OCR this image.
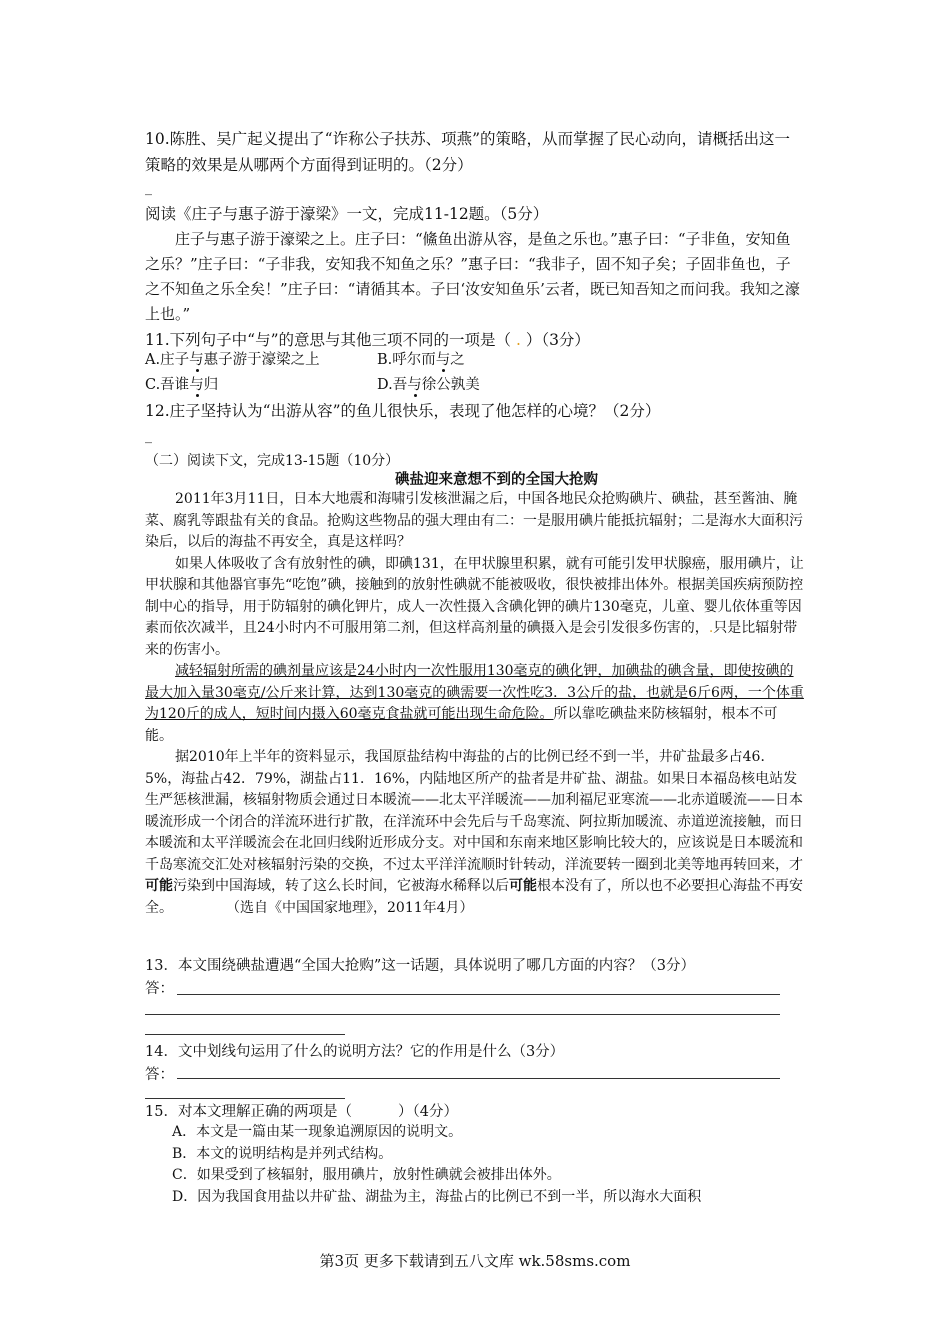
10.陈胜、吴广起义提出了“诈称公子扶苏、项燕”的策略，从而掌握了民心动向，请概括出这一策略的效果是从哪两个方面得到证明的。（2分）
_
阅读《庄子与惠子游于濠梁》一文，完成11-12题。（5分）

庄子与惠子游于濠梁之上。庄子曰：“鯈鱼出游从容，是鱼之乐也。”惠子曰：“子非鱼，安知鱼之乐？”庄子曰：“子非我，安知我不知鱼之乐？”惠子曰：“我非子，固不知子矣；子固非鱼也，子之不知鱼之乐全矣！”庄子曰：“请循其本。子曰‘汝安知鱼乐’云者，既已知吾知之而问我。我知之濠上也。”

11.下列句子中“与”的意思与其他三项不同的一项是（ . ）（3分）
A.庄子与惠子游于濠梁之上	B.呼尔而与之
C.吾谁与归	D.吾与徐公孰美
12.庄子坚持认为“出游从容”的鱼儿很快乐，表现了他怎样的心境？（2分）
_
（二）阅读下文，完成13-15题（10分）
碘盐迎来意想不到的全国大抢购

2011年3月11日，日本大地震和海啸引发核泄漏之后，中国各地民众抢购碘片、碘盐，甚至酱油、腌菜、腐乳等跟盐有关的食品。抢购这些物品的强大理由有二：一是服用碘片能抵抗辐射；二是海水大面积污染后，以后的海盐不再安全，真是这样吗？

如果人体吸收了含有放射性的碘，即碘131，在甲状腺里积累，就有可能引发甲状腺癌，服用碘片，让甲状腺和其他器官事先“吃饱”碘，接触到的放射性碘就不能被吸收，很快被排出体外。根据美国疾病预防控制中心的指导，用于防辐射的碘化钾片，成人一次性摄入含碘化钾的碘片130毫克，儿童、婴儿依体重等因素而依次减半，且24小时内不可服用第二剂，但这样高剂量的碘摄入是会引发很多伤害的，.只是比辐射带来的伤害小。

减轻辐射所需的碘剂量应该是24小时内一次性服用130毫克的碘化钾，加碘盐的碘含量，即使按碘的最大加入量30毫克/公斤来计算，达到130毫克的碘需要一次性吃3．3公斤的盐，也就是6斤6两，一个体重为120斤的成人，短时间内摄入60毫克食盐就可能出现生命危险。所以靠吃碘盐来防核辐射，根本不可能。

据2010年上半年的资料显示，我国原盐结构中海盐的占的比例已经不到一半，井矿盐最多占46．5%，海盐占42．79%，湖盐占11．16%，内陆地区所产的盐者是井矿盐、湖盐。如果日本福岛核电站发生严惩核泄漏，核辐射物质会通过日本暖流——北太平洋暖流——加利福尼亚寒流——北赤道暖流——日本暖流形成一个闭合的洋流环进行扩散，在洋流环中会先后与千岛寒流、阿拉斯加暖流、赤道逆流接触，而日本暖流和太平洋暖流会在北回归线附近形成分支。对中国和东南来地区影响比较大的，应该说是日本暖流和千岛寒流交汇处对核辐射污染的交换，不过太平洋洋流顺时针转动，洋流要转一圈到北美等地再转回来，才可能污染到中国海域，转了这么长时间，它被海水稀释以后可能根本没有了，所以也不必要担心海盐不再安全。	（选自《中国国家地理》，2011年4月）

13．本文围绕碘盐遭遇“全国大抢购”这一话题，具体说明了哪几方面的内容？（3分）
答：
14．文中划线句运用了什么的说明方法？它的作用是什么（3分）
答：
15．对本文理解正确的两项是（          ）（4分）
A．本文是一篇由某一现象追溯原因的说明文。
B．本文的说明结构是并列式结构。
C．如果受到了核辐射，服用碘片，放射性碘就会被排出体外。
D．因为我国食用盐以井矿盐、湖盐为主，海盐占的比例已不到一半，所以海水大面积
第3页 更多下载请到五八文库 wk.58sms.com
